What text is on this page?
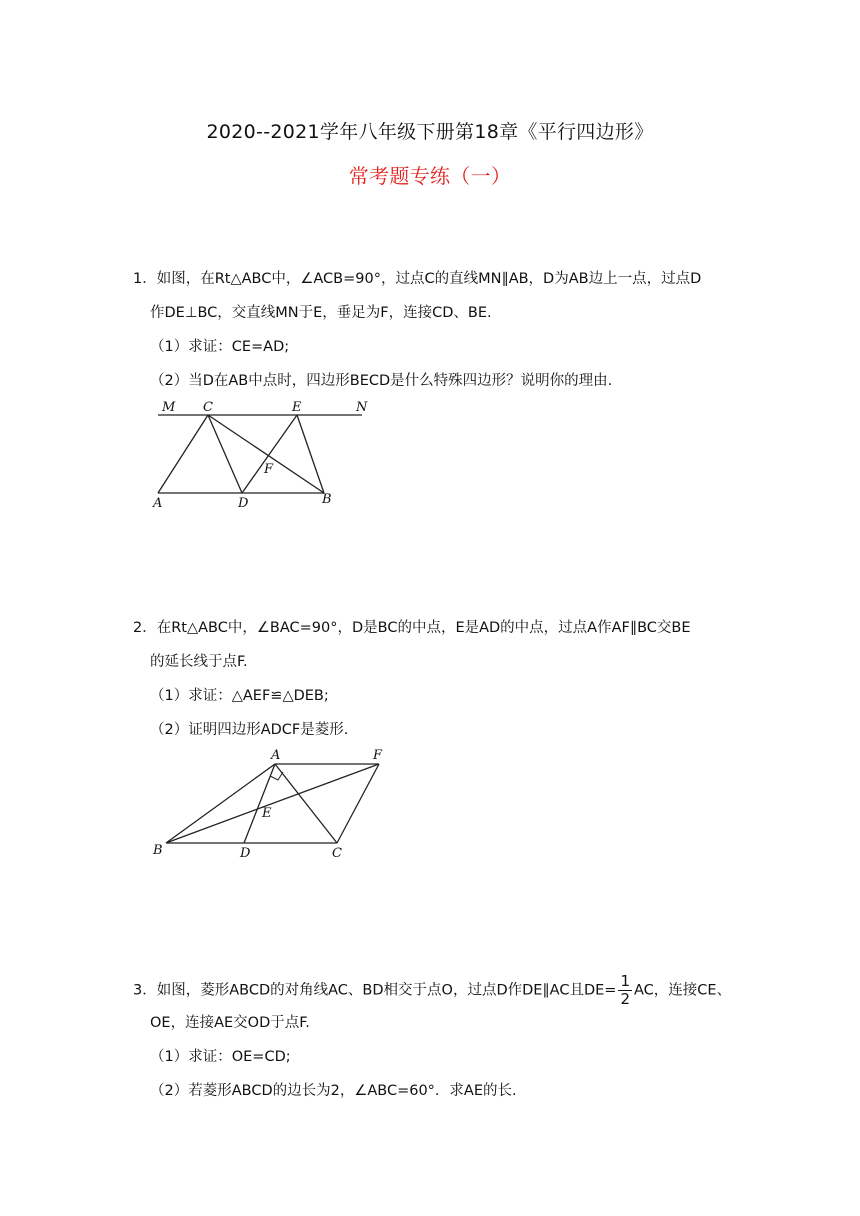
2020--2021学年八年级下册第18章《平行四边形》
常考题专练（一）
1．如图，在Rt△ABC中，∠ACB=90°，过点C的直线MN∥AB，D为AB边上一点，过点D
作DE⊥BC，交直线MN于E，垂足为F，连接CD、BE.
（1）求证：CE=AD;
（2）当D在AB中点时，四边形BECD是什么特殊四边形？说明你的理由.
M C	E	N
F
A	D	B
2．在Rt△ABC中，∠BAC=90°，D是BC的中点，E是AD的中点，过点A作AF∥BC交BE
的延长线于点F.
（1）求证：△AEF≌△DEB;
（2）证明四边形ADCF是菱形.
A	F
E
B	D	C
3．如图，菱形ABCD的对角线AC、BD相交于点O，过点D作DE∥AC且$DE= \frac{1}{2}$ AC，连接CE、
OE，连接AE交OD于点F.
（1）求证：OE=CD;
（2）若菱形ABCD的边长为2，∠ABC=60°．求AE的长.
